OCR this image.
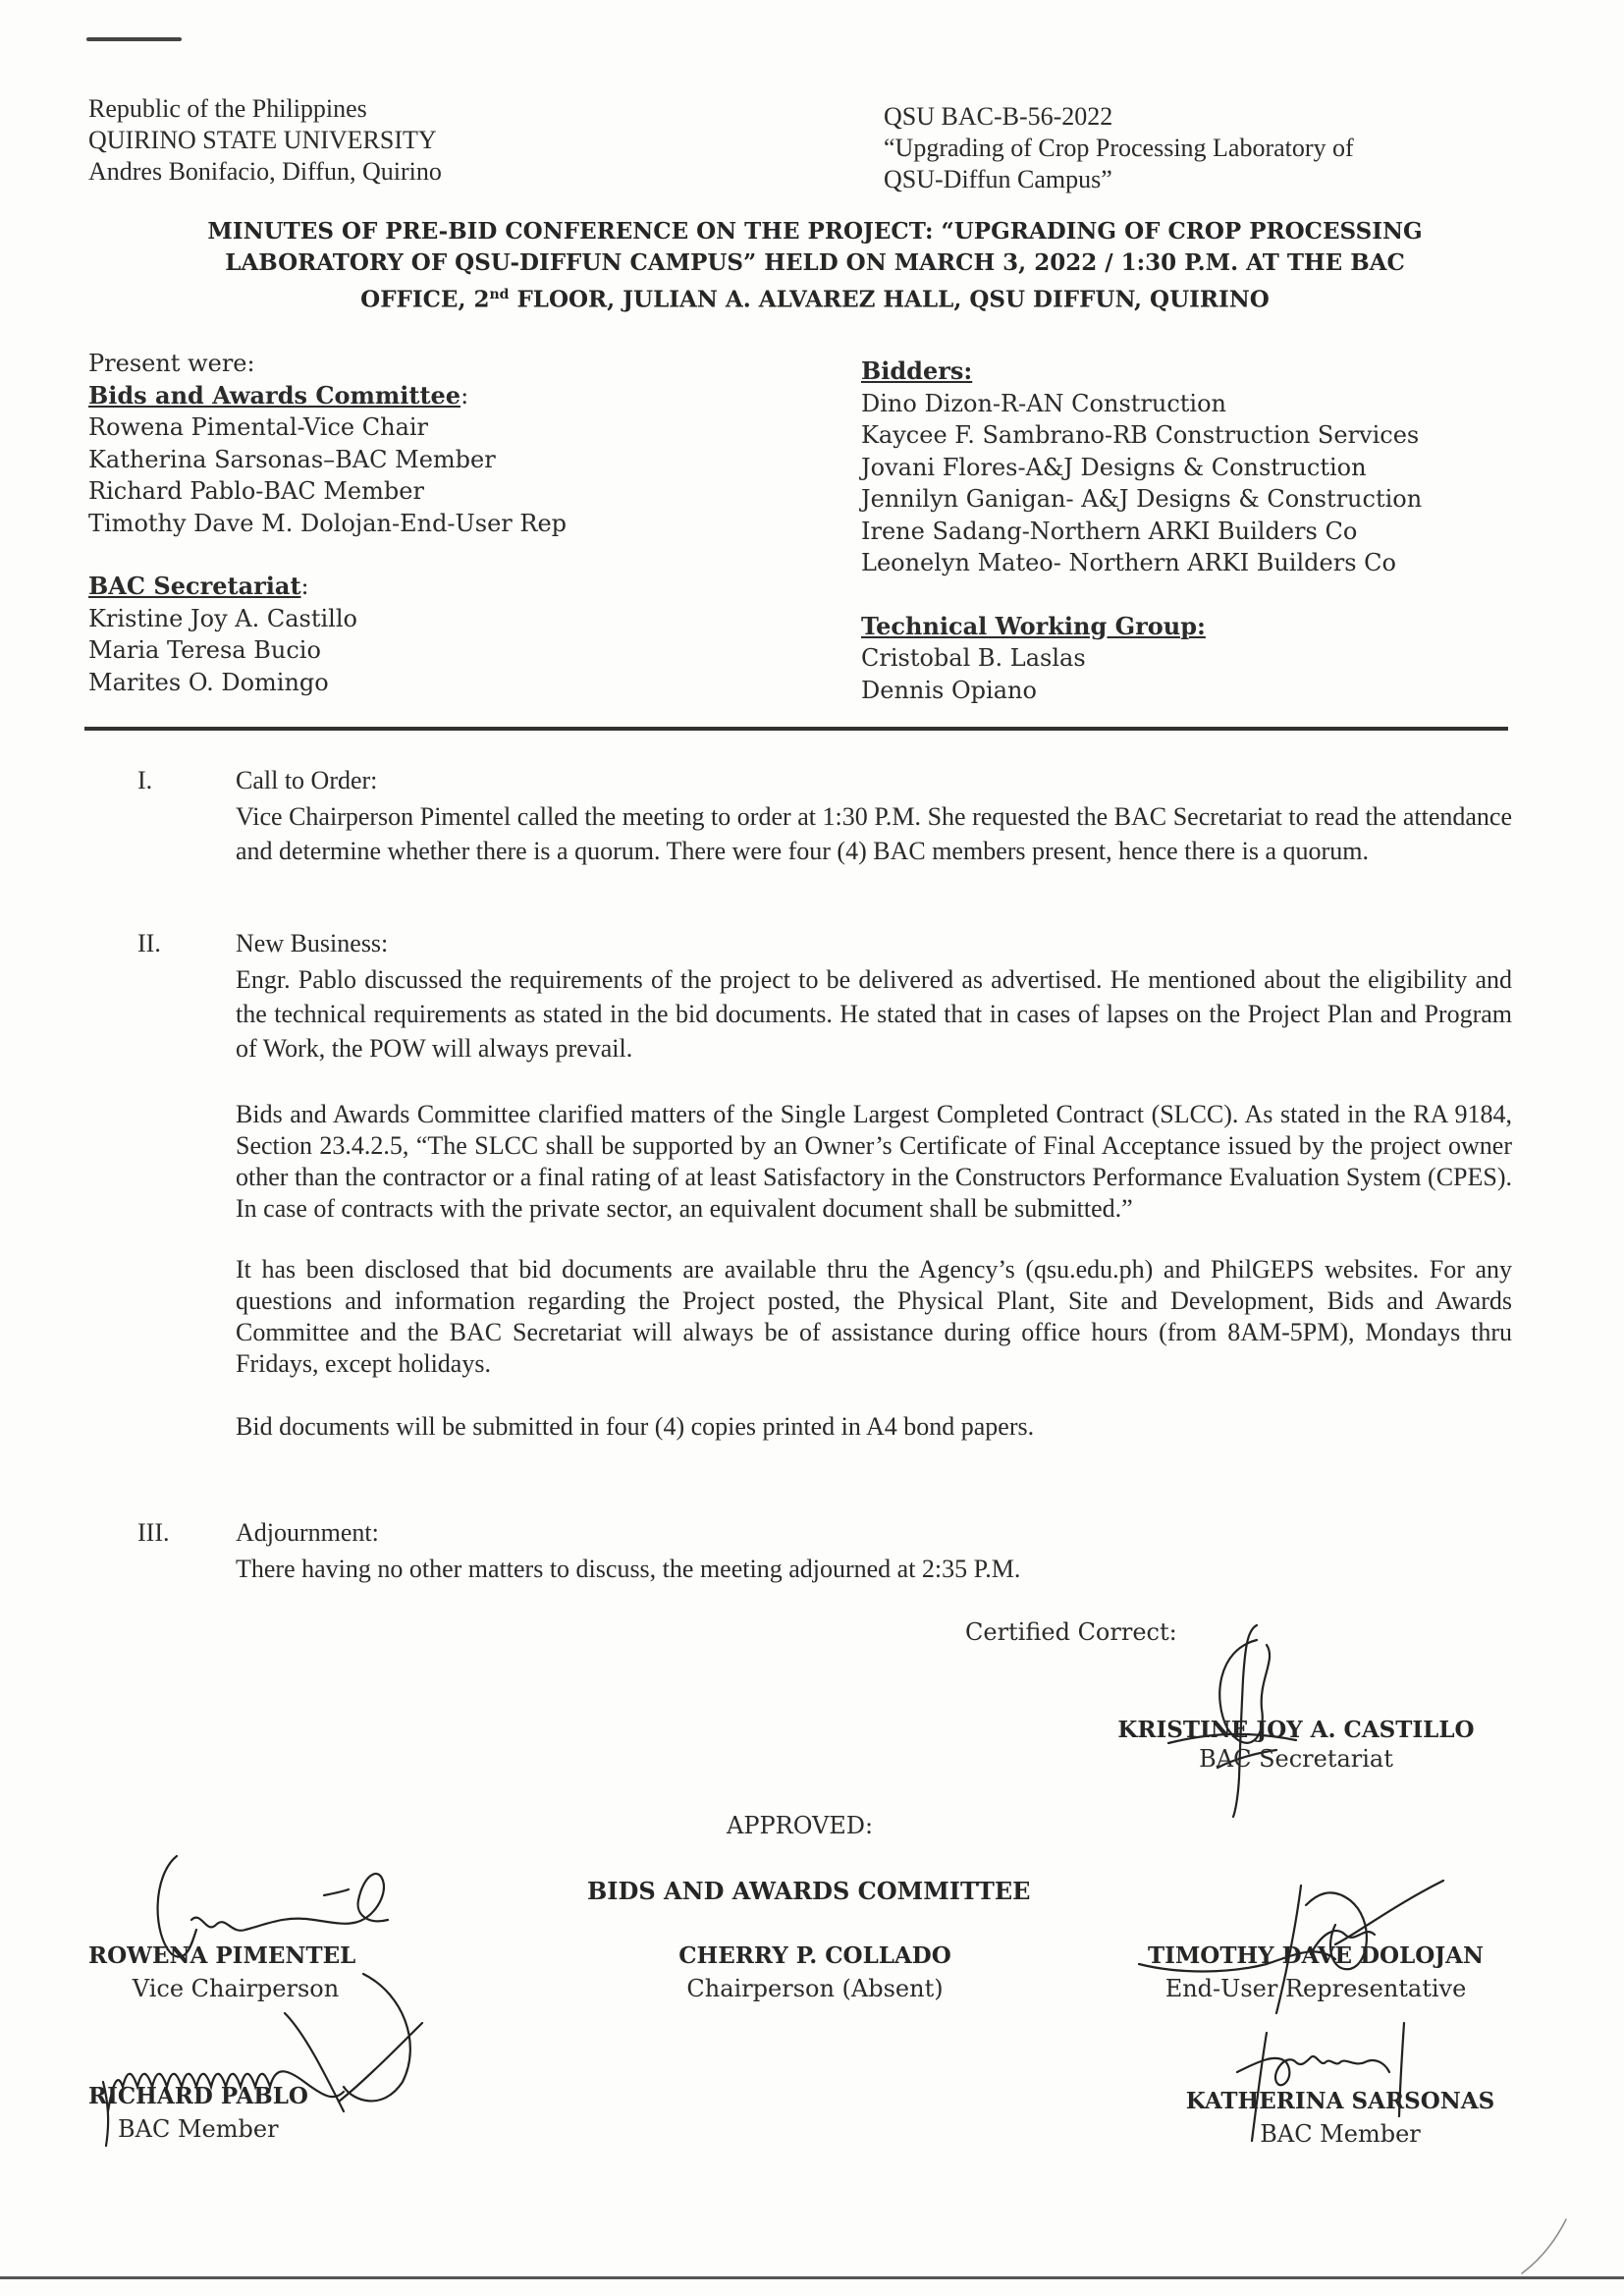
Republic of the Philippines
QUIRINO STATE UNIVERSITY
Andres Bonifacio, Diffun, Quirino
QSU BAC-B-56-2022
“Upgrading of Crop Processing Laboratory of
QSU-Diffun Campus”
MINUTES OF PRE-BID CONFERENCE ON THE PROJECT: “UPGRADING OF CROP PROCESSING
LABORATORY OF QSU-DIFFUN CAMPUS” HELD ON MARCH 3, 2022 / 1:30 P.M. AT THE BAC
OFFICE, 2nd FLOOR, JULIAN A. ALVAREZ HALL, QSU DIFFUN, QUIRINO
Present were:
Bids and Awards Committee:
Rowena Pimental-Vice Chair
Katherina Sarsonas–BAC Member
Richard Pablo-BAC Member
Timothy Dave M. Dolojan-End-User Rep
BAC Secretariat:
Kristine Joy A. Castillo
Maria Teresa Bucio
Marites O. Domingo
Bidders:
Dino Dizon-R-AN Construction
Kaycee F. Sambrano-RB Construction Services
Jovani Flores-A&J Designs & Construction
Jennilyn Ganigan- A&J Designs & Construction
Irene Sadang-Northern ARKI Builders Co
Leonelyn Mateo- Northern ARKI Builders Co
Technical Working Group:
Cristobal B. Laslas
Dennis Opiano
I.	Call to Order:

Vice Chairperson Pimentel called the meeting to order at 1:30 P.M. She requested the BAC Secretariat to read the attendance and determine whether there is a quorum. There were four (4) BAC members present, hence there is a quorum.

II.	New Business:

Engr. Pablo discussed the requirements of the project to be delivered as advertised. He mentioned about the eligibility and the technical requirements as stated in the bid documents. He stated that in cases of lapses on the Project Plan and Program of Work, the POW will always prevail.

Bids and Awards Committee clarified matters of the Single Largest Completed Contract (SLCC). As stated in the RA 9184, Section 23.4.2.5, “The SLCC shall be supported by an Owner’s Certificate of Final Acceptance issued by the project owner other than the contractor or a final rating of at least Satisfactory in the Constructors Performance Evaluation System (CPES). In case of contracts with the private sector, an equivalent document shall be submitted.”

It has been disclosed that bid documents are available thru the Agency’s (qsu.edu.ph) and PhilGEPS websites. For any questions and information regarding the Project posted, the Physical Plant, Site and Development, Bids and Awards Committee and the BAC Secretariat will always be of assistance during office hours (from 8AM-5PM), Mondays thru Fridays, except holidays.

Bid documents will be submitted in four (4) copies printed in A4 bond papers.

III.	Adjournment:

There having no other matters to discuss, the meeting adjourned at 2:35 P.M.

Certified Correct:
KRISTINE JOY A. CASTILLO
BAC Secretariat
APPROVED:
BIDS AND AWARDS COMMITTEE
ROWENA PIMENTEL
Vice Chairperson
CHERRY P. COLLADO
Chairperson (Absent)
TIMOTHY DAVE DOLOJAN
End-User Representative
RICHARD PABLO
BAC Member
KATHERINA SARSONAS
BAC Member
